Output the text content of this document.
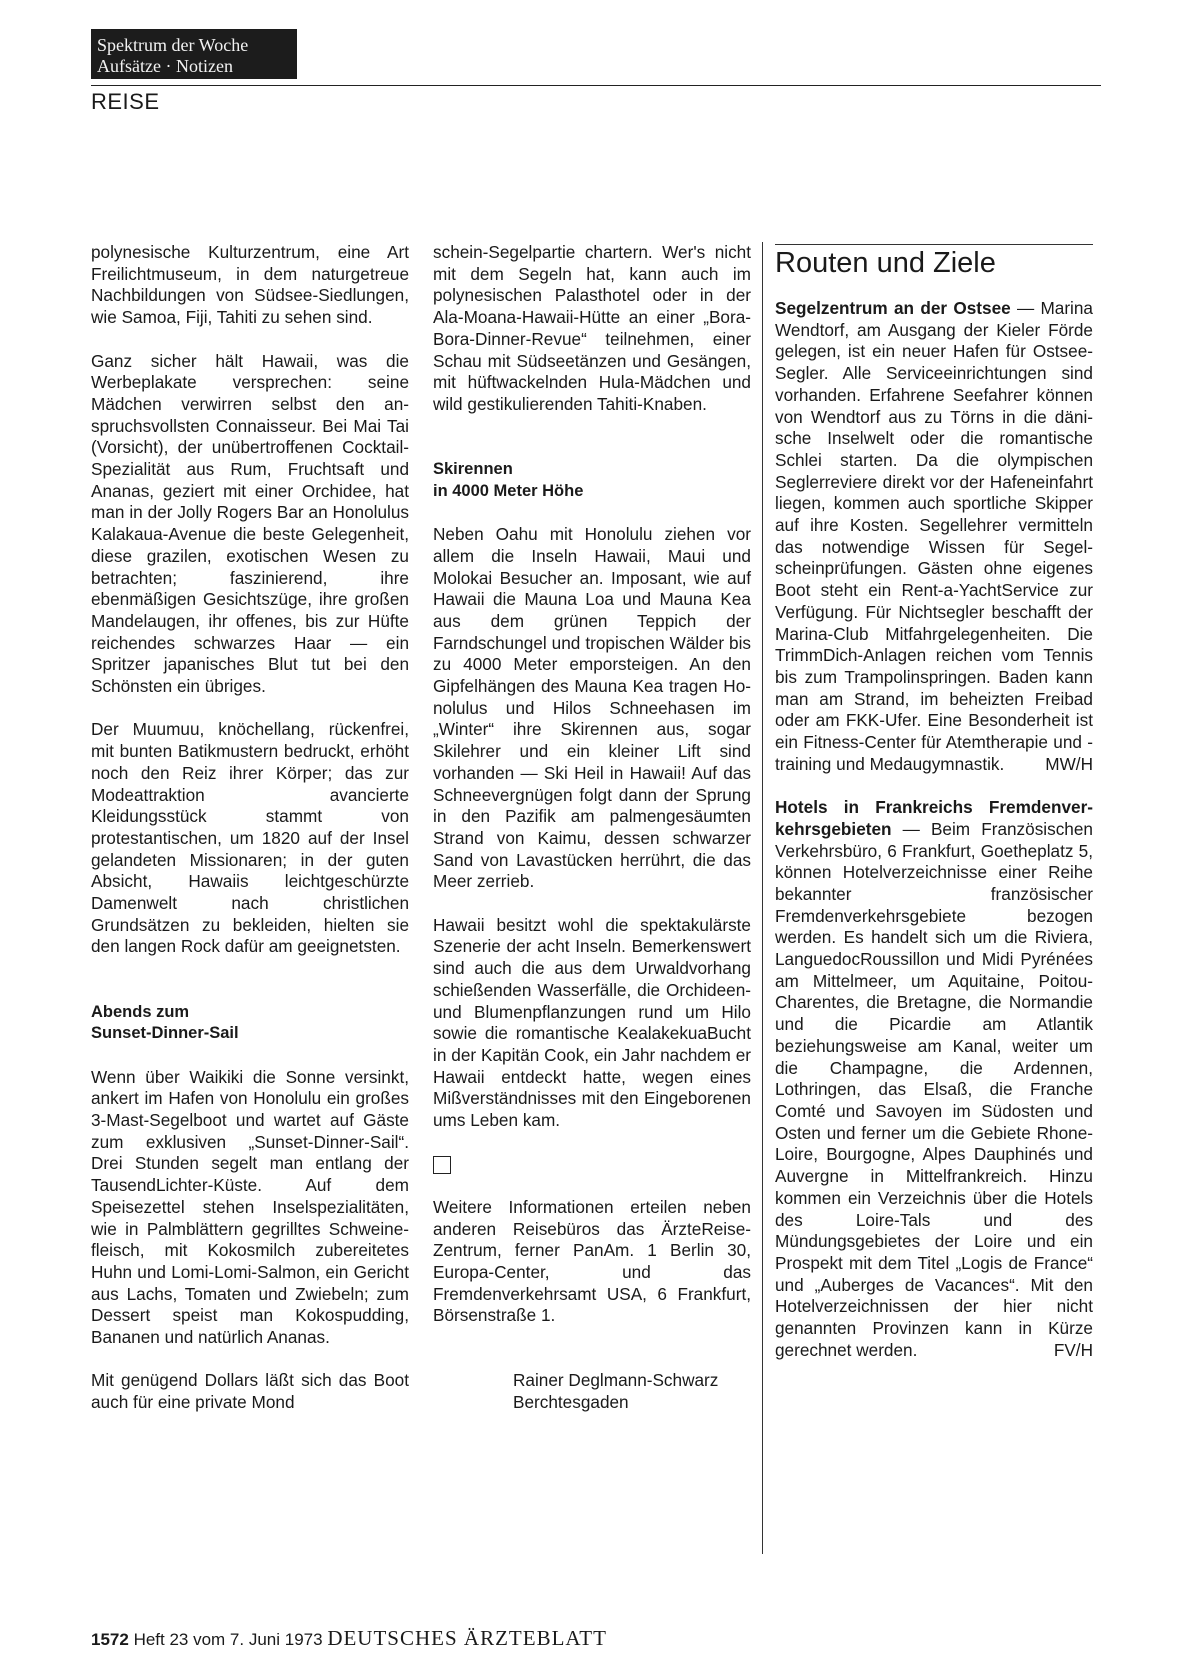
Spektrum der Woche
Aufsätze · Notizen
REISE

polynesische Kulturzentrum, eine Art Freilichtmuseum, in dem naturgetreue Nachbildungen von Südsee-Siedlungen, wie Samoa, Fiji, Tahiti zu sehen sind.

Ganz sicher hält Hawaii, was die Werbeplakate versprechen: seine Mädchen verwirren selbst den anspruchsvollsten Connaisseur. Bei Mai Tai (Vorsicht), der unübertroffenen Cocktail-Spezialität aus Rum, Fruchtsaft und Ananas, geziert mit einer Orchidee, hat man in der Jolly Rogers Bar an Honolulus Kalakaua-Avenue die beste Gelegenheit, diese grazilen, exotischen Wesen zu betrachten; faszinierend, ihre ebenmäßigen Gesichtszüge, ihre großen Mandelaugen, ihr offenes, bis zur Hüfte reichendes schwarzes Haar — ein Spritzer japanisches Blut tut bei den Schönsten ein übriges.

Der Muumuu, knöchellang, rückenfrei, mit bunten Batikmustern bedruckt, erhöht noch den Reiz ihrer Körper; das zur Modeattraktion avancierte Kleidungsstück stammt von protestantischen, um 1820 auf der Insel gelandeten Missionaren; in der guten Absicht, Hawaiis leichtgeschürzte Damenwelt nach christlichen Grundsätzen zu bekleiden, hielten sie den langen Rock dafür am geeignetsten.

Abends zum
Sunset-Dinner-Sail

Wenn über Waikiki die Sonne versinkt, ankert im Hafen von Honolulu ein großes 3-Mast-Segelboot und wartet auf Gäste zum exklusiven „Sunset-Dinner-Sail“. Drei Stunden segelt man entlang der TausendLichter-Küste. Auf dem Speisezettel stehen Inselspezialitäten, wie in Palmblättern gegrilltes Schweinefleisch, mit Kokosmilch zubereitetes Huhn und Lomi-Lomi-Salmon, ein Gericht aus Lachs, Tomaten und Zwiebeln; zum Dessert speist man Kokospudding, Bananen und natürlich Ananas.

Mit genügend Dollars läßt sich das Boot auch für eine private Mond

schein-Segelpartie chartern. Wer's nicht mit dem Segeln hat, kann auch im polynesischen Palasthotel oder in der Ala-Moana-Hawaii-Hütte an einer „Bora-Bora-Dinner-Revue“ teilnehmen, einer Schau mit Südseetänzen und Gesängen, mit hüftwackelnden Hula-Mädchen und wild gestikulierenden Tahiti-Knaben.

Skirennen
in 4000 Meter Höhe

Neben Oahu mit Honolulu ziehen vor allem die Inseln Hawaii, Maui und Molokai Besucher an. Imposant, wie auf Hawaii die Mauna Loa und Mauna Kea aus dem grünen Teppich der Farndschungel und tropischen Wälder bis zu 4000 Meter emporsteigen. An den Gipfelhängen des Mauna Kea tragen Honolulus und Hilos Schneehasen im „Winter“ ihre Skirennen aus, sogar Skilehrer und ein kleiner Lift sind vorhanden — Ski Heil in Hawaii! Auf das Schneevergnügen folgt dann der Sprung in den Pazifik am palmengesäumten Strand von Kaimu, dessen schwarzer Sand von Lavastücken herrührt, die das Meer zerrieb.

Hawaii besitzt wohl die spektakulärste Szenerie der acht Inseln. Bemerkenswert sind auch die aus dem Urwaldvorhang schießenden Wasserfälle, die Orchideen- und Blumenpflanzungen rund um Hilo sowie die romantische KealakekuaBucht in der Kapitän Cook, ein Jahr nachdem er Hawaii entdeckt hatte, wegen eines Mißverständnisses mit den Eingeborenen ums Leben kam.

Weitere Informationen erteilen neben anderen Reisebüros das ÄrzteReise-Zentrum, ferner PanAm. 1 Berlin 30, Europa-Center, und das Fremdenverkehrsamt USA, 6 Frankfurt, Börsenstraße 1.

Rainer Deglmann-Schwarz

Berchtesgaden

Routen und Ziele

Segelzentrum an der Ostsee — Marina Wendtorf, am Ausgang der Kieler Förde gelegen, ist ein neuer Hafen für Ostsee-Segler. Alle Serviceeinrichtungen sind vorhanden. Erfahrene Seefahrer können von Wendtorf aus zu Törns in die dänische Inselwelt oder die romantische Schlei starten. Da die olympischen Seglerreviere direkt vor der Hafeneinfahrt liegen, kommen auch sportliche Skipper auf ihre Kosten. Segellehrer vermitteln das notwendige Wissen für Segelscheinprüfungen. Gästen ohne eigenes Boot steht ein Rent-a-YachtService zur Verfügung. Für Nichtsegler beschafft der Marina-Club Mitfahrgelegenheiten. Die TrimmDich-Anlagen reichen vom Tennis bis zum Trampolinspringen. Baden kann man am Strand, im beheizten Freibad oder am FKK-Ufer. Eine Besonderheit ist ein Fitness-Center für Atemtherapie und -training und Medaugymnastik. MW/H

Hotels in Frankreichs Fremdenverkehrsgebieten — Beim Französischen Verkehrsbüro, 6 Frankfurt, Goetheplatz 5, können Hotelverzeichnisse einer Reihe bekannter französischer Fremdenverkehrsgebiete bezogen werden. Es handelt sich um die Riviera, LanguedocRoussillon und Midi Pyrénées am Mittelmeer, um Aquitaine, PoitouCharentes, die Bretagne, die Normandie und die Picardie am Atlantik beziehungsweise am Kanal, weiter um die Champagne, die Ardennen, Lothringen, das Elsaß, die Franche Comté und Savoyen im Südosten und Osten und ferner um die Gebiete Rhone-Loire, Bourgogne, Alpes Dauphinés und Auvergne in Mittelfrankreich. Hinzu kommen ein Verzeichnis über die Hotels des Loire-Tals und des Mündungsgebietes der Loire und ein Prospekt mit dem Titel „Logis de France“ und „Auberges de Vacances“. Mit den Hotelverzeichnissen der hier nicht genannten Provinzen kann in Kürze gerechnet werden.	FV/H

1572 Heft 23 vom 7. Juni 1973 DEUTSCHES ÄRZTEBLATT
